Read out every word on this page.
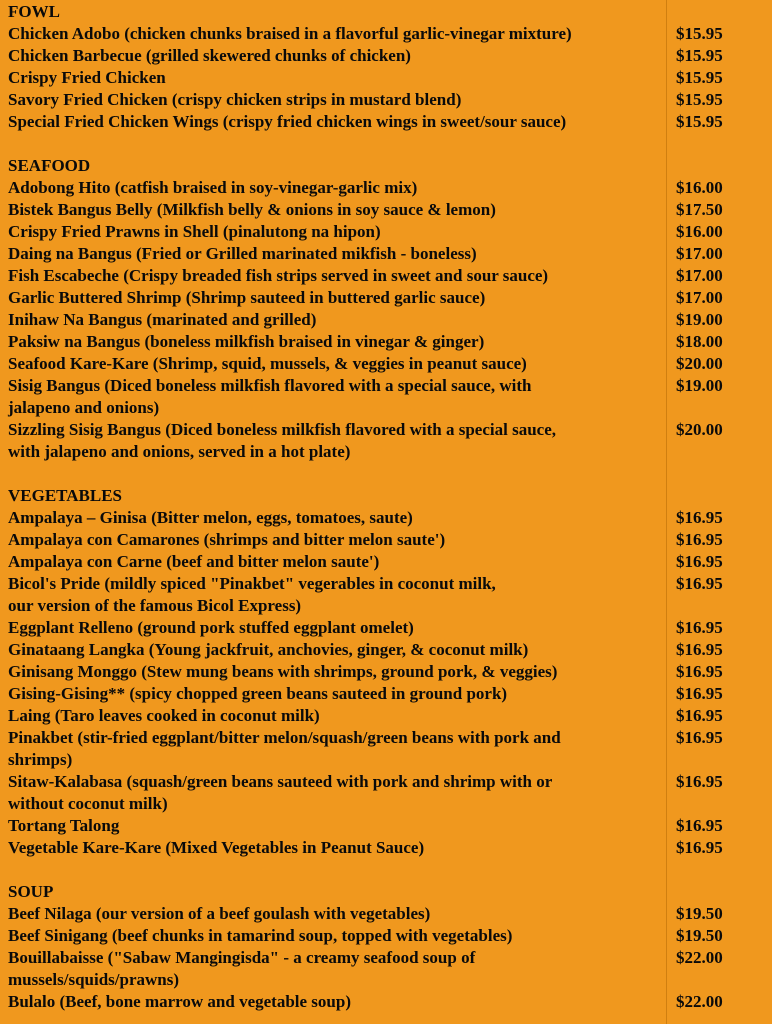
FOWL
Chicken Adobo (chicken chunks braised in a flavorful garlic-vinegar mixture)	$15.95
Chicken Barbecue (grilled skewered chunks of chicken)	$15.95
Crispy Fried Chicken	$15.95
Savory Fried Chicken (crispy chicken strips in mustard blend)	$15.95
Special Fried Chicken Wings (crispy fried chicken wings in sweet/sour sauce)	$15.95
SEAFOOD
Adobong Hito (catfish braised in soy-vinegar-garlic mix)	$16.00
Bistek Bangus Belly (Milkfish belly & onions in soy sauce & lemon)	$17.50
Crispy Fried Prawns in Shell (pinalutong na hipon)	$16.00
Daing na Bangus (Fried or Grilled marinated mikfish - boneless)	$17.00
Fish Escabeche (Crispy breaded fish strips served in sweet and sour sauce)	$17.00
Garlic Buttered Shrimp (Shrimp sauteed in buttered garlic sauce)	$17.00
Inihaw Na Bangus (marinated and grilled)	$19.00
Paksiw na Bangus (boneless milkfish braised in vinegar & ginger)	$18.00
Seafood Kare-Kare (Shrimp, squid, mussels, & veggies in peanut sauce)	$20.00
Sisig Bangus (Diced boneless milkfish flavored with a special sauce, with
jalapeno and onions)
$19.00
Sizzling Sisig Bangus (Diced boneless milkfish flavored with a special sauce,
with jalapeno and onions, served in a hot plate)
$20.00
VEGETABLES
Ampalaya – Ginisa (Bitter melon, eggs, tomatoes, saute)	$16.95
Ampalaya con Camarones (shrimps and bitter melon saute')	$16.95
Ampalaya con Carne (beef and bitter melon saute')	$16.95
Bicol's Pride (mildly spiced "Pinakbet" vegerables in coconut milk,
our version of the famous Bicol Express)
$16.95
Eggplant Relleno (ground pork stuffed eggplant omelet)	$16.95
Ginataang Langka (Young jackfruit, anchovies, ginger, & coconut milk)	$16.95
Ginisang Monggo (Stew mung beans with shrimps, ground pork, & veggies)	$16.95
Gising-Gising** (spicy chopped green beans sauteed in ground pork)	$16.95
Laing (Taro leaves cooked in coconut milk)	$16.95
Pinakbet (stir-fried eggplant/bitter melon/squash/green beans with pork and
shrimps)
$16.95
Sitaw-Kalabasa (squash/green beans sauteed with pork and shrimp with or
without coconut milk)
$16.95
Tortang Talong	$16.95
Vegetable Kare-Kare (Mixed Vegetables in Peanut Sauce)	$16.95
SOUP
Beef Nilaga (our version of a beef goulash with vegetables)	$19.50
Beef Sinigang (beef chunks in tamarind soup, topped with vegetables)	$19.50
Bouillabaisse ("Sabaw Mangingisda" - a creamy seafood soup of
mussels/squids/prawns)
$22.00
Bulalo (Beef, bone marrow and vegetable soup)	$22.00
